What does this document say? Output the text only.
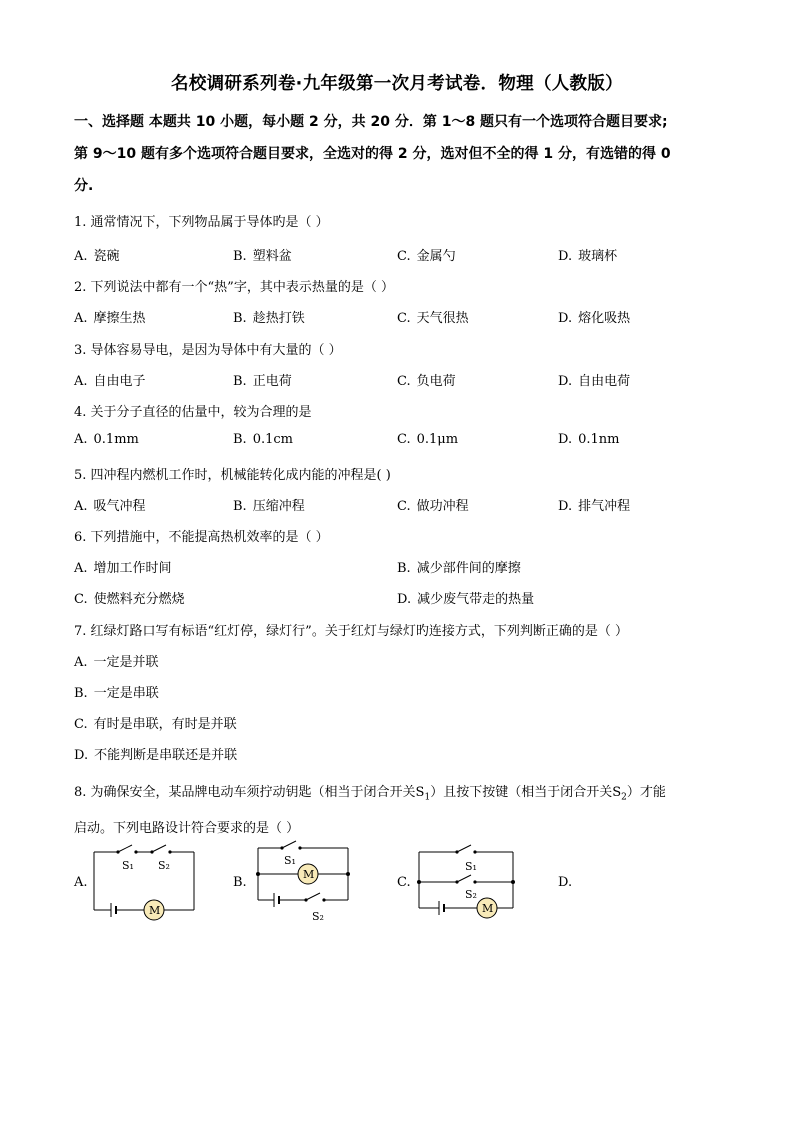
名校调研系列卷·九年级第一次月考试卷．物理（人教版）
一、选择题 本题共 10 小题，每小题 2 分，共 20 分．第 1～8 题只有一个选项符合题目要求;
第 9～10 题有多个选项符合题目要求，全选对的得 2 分，选对但不全的得 1 分，有选错的得 0
分.
1. 通常情况下，下列物品属于导体旳是（ ）
A. 瓷碗	B. 塑料盆	C. 金属勺	D. 玻璃杯
2. 下列说法中都有一个“热”字，其中表示热量的是（ ）
A. 摩擦生热	B. 趁热打铁	C. 天气很热	D. 熔化吸热
3. 导体容易导电，是因为导体中有大量的（ ）
A. 自由电子	B. 正电荷	C. 负电荷	D. 自由电荷
4. 关于分子直径的估量中，较为合理的是
A. 0.1mm	B. 0.1cm	C. 0.1μm	D. 0.1nm
5. 四冲程内燃机工作时，机械能转化成内能的冲程是( )
A. 吸气冲程	B. 压缩冲程	C. 做功冲程	D. 排气冲程
6. 下列措施中，不能提高热机效率的是（ ）
A. 增加工作时间	B. 减少部件间的摩擦
C. 使燃料充分燃烧	D. 减少废气带走的热量
7. 红绿灯路口写有标语“红灯停，绿灯行”。关于红灯与绿灯旳连接方式，下列判断正确的是（ ）
A. 一定是并联
B. 一定是串联
C. 有时是串联，有时是并联
D. 不能判断是串联还是并联
8. 为确保安全，某品牌电动车须拧动钥匙（相当于闭合开关$S_1$）且按下按键（相当于闭合开关$S_2$）才能
启动。下列电路设计符合要求的是（ ）
A.	B.	C.	D.
M
S₁ S₂
M
S₁
S₂
M
S₁
S₂
